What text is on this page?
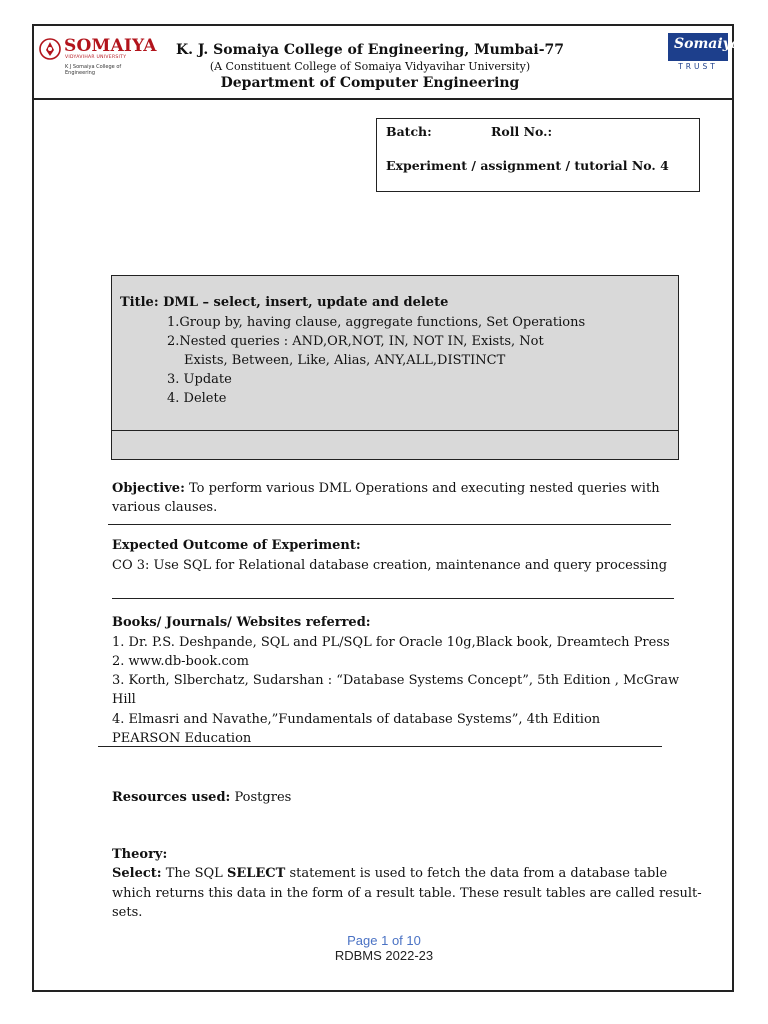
SOMAIYA
VIDYAVIHAR UNIVERSITY
K J Somaiya College of Engineering
K. J. Somaiya College of Engineering, Mumbai-77
(A Constituent College of Somaiya Vidyavihar University)
Department of Computer Engineering
Somaiya
TRUST
Batch:	Roll No.:
Experiment / assignment / tutorial No. 4
Title: DML – select, insert, update and delete
1.Group by, having clause, aggregate functions, Set Operations
2.Nested queries : AND,OR,NOT, IN, NOT IN, Exists, Not
Exists, Between, Like, Alias, ANY,ALL,DISTINCT
3. Update
4. Delete
Objective: To perform various DML Operations and executing nested queries with
various clauses.
Expected Outcome of Experiment:
CO 3: Use SQL for Relational database creation, maintenance and query processing
Books/ Journals/ Websites referred:
1. Dr. P.S. Deshpande, SQL and PL/SQL for Oracle 10g,Black book, Dreamtech Press
2. www.db-book.com
3. Korth, Slberchatz, Sudarshan : “Database Systems Concept”, 5th Edition , McGraw
Hill
4. Elmasri and Navathe,”Fundamentals of database Systems”, 4th Edition
PEARSON Education
Resources used: Postgres
Theory:
Select: The SQL SELECT statement is used to fetch the data from a database table
which returns this data in the form of a result table. These result tables are called result-
sets.
Page 1 of 10
RDBMS 2022-23
